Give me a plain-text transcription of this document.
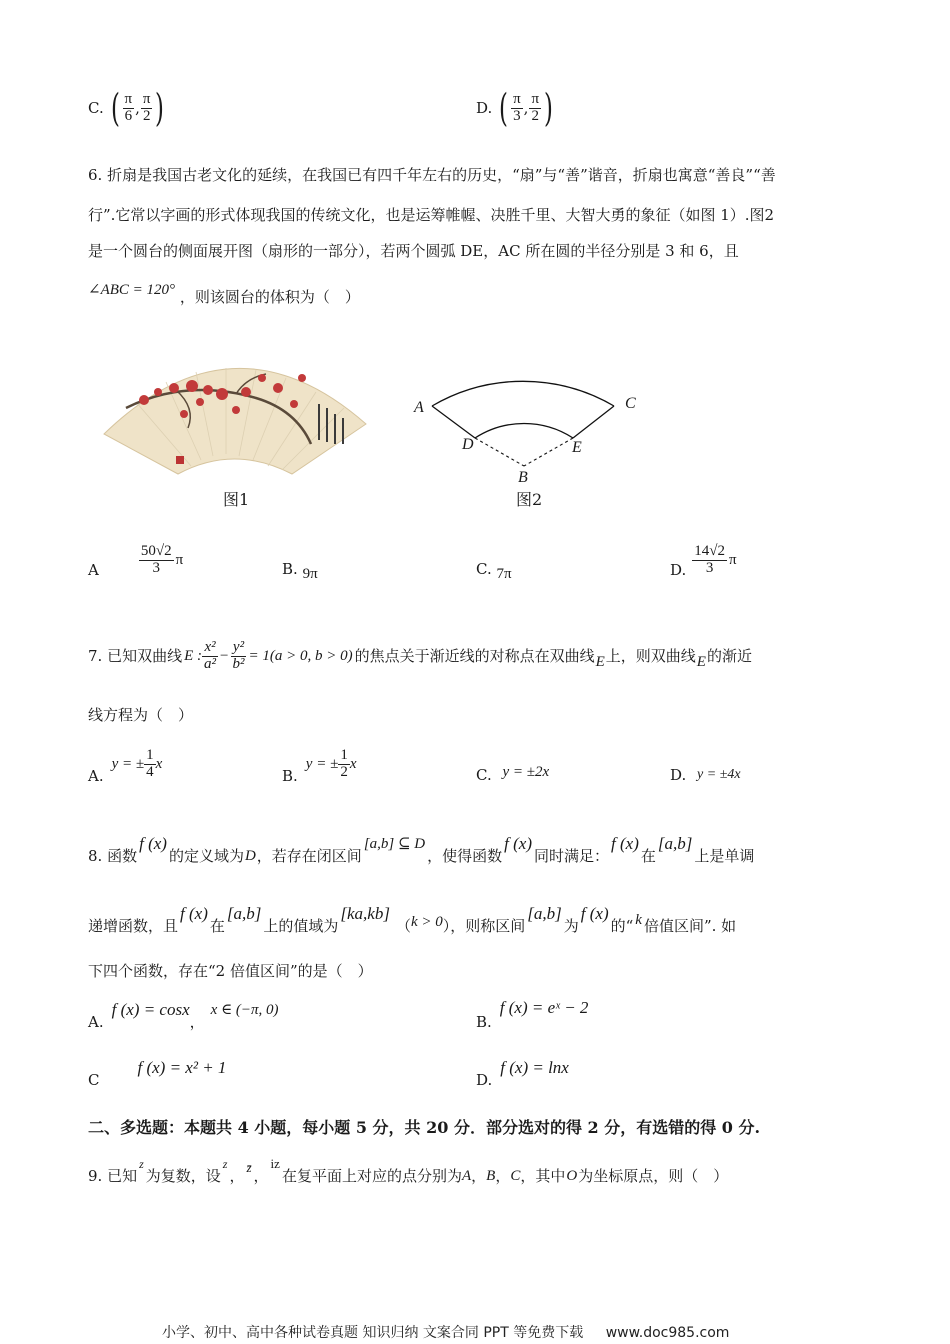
C. ( $\frac{\pi}{6}$ , $\frac{\pi}{2}$ )	D. ( $\frac{\pi}{3}$ , $\frac{\pi}{2}$ )
6. 折扇是我国古老文化的延续，在我国已有四千年左右的历史，“扇”与“善”谐音，折扇也寓意“善良”“善
行”.它常以字画的形式体现我国的传统文化，也是运筹帷幄、决胜千里、大智大勇的象征（如图 1）.图2
是一个圆台的侧面展开图（扇形的一部分），若两个圆弧 DE，AC 所在圆的半径分别是 3 和 6，且
∠ABC = 120° ，则该圆台的体积为（　）
图1
A	C
D	E
B
图2
A	$\frac{50√2}{3}$ π
B. 9π	C. 7π	D. $\frac{14√2}{3}$ π
7. 已知双曲线 E : $\frac{\text{x²}}{\text{a²}} - \frac{\text{y²}}{\text{b²}} = 1(a > 0$, b > 0) 的焦点关于渐近线的对称点在双曲线 E 上，则双曲线 E 的渐近
线方程为（　）
A.
y = ± $\frac{1}{4}$ x
B.
y = ± $\frac{1}{2}$ x
C. y = ±2x	D. y = ±4x
8. 函数
f (x)
的定义域为 D ，若存在闭区间
[a,b] ⊆ D
，使得函数
f (x)
同时满足：
f (x)
在
[a,b]
上是单调
递增函数，且
f (x)
在
[a,b]
上的值域为
[ka,kb]
（ k > 0 ），则称区间
[a,b]
为
f (x)
的“ k 倍值区间”. 如
下四个函数，存在“2 倍值区间”的是（　）
A.
f (x) = cosx
，
x ∈ (−π, 0)
B.
f (x) = eˣ − 2
C
f (x) = x² + 1
D.
f (x) = lnx
二、多选题：本题共 4 小题，每小题 5 分，共 20 分．部分选对的得 2 分，有选错的得 0 分.
9. 已知
z
为复数，设
z
， z̄ ，
iz
在复平面上对应的点分别为 A ， B ， C ，其中 O 为坐标原点，则（　）
小学、初中、高中各种试卷真题 知识归纳 文案合同 PPT 等免费下载 www.doc985.com
